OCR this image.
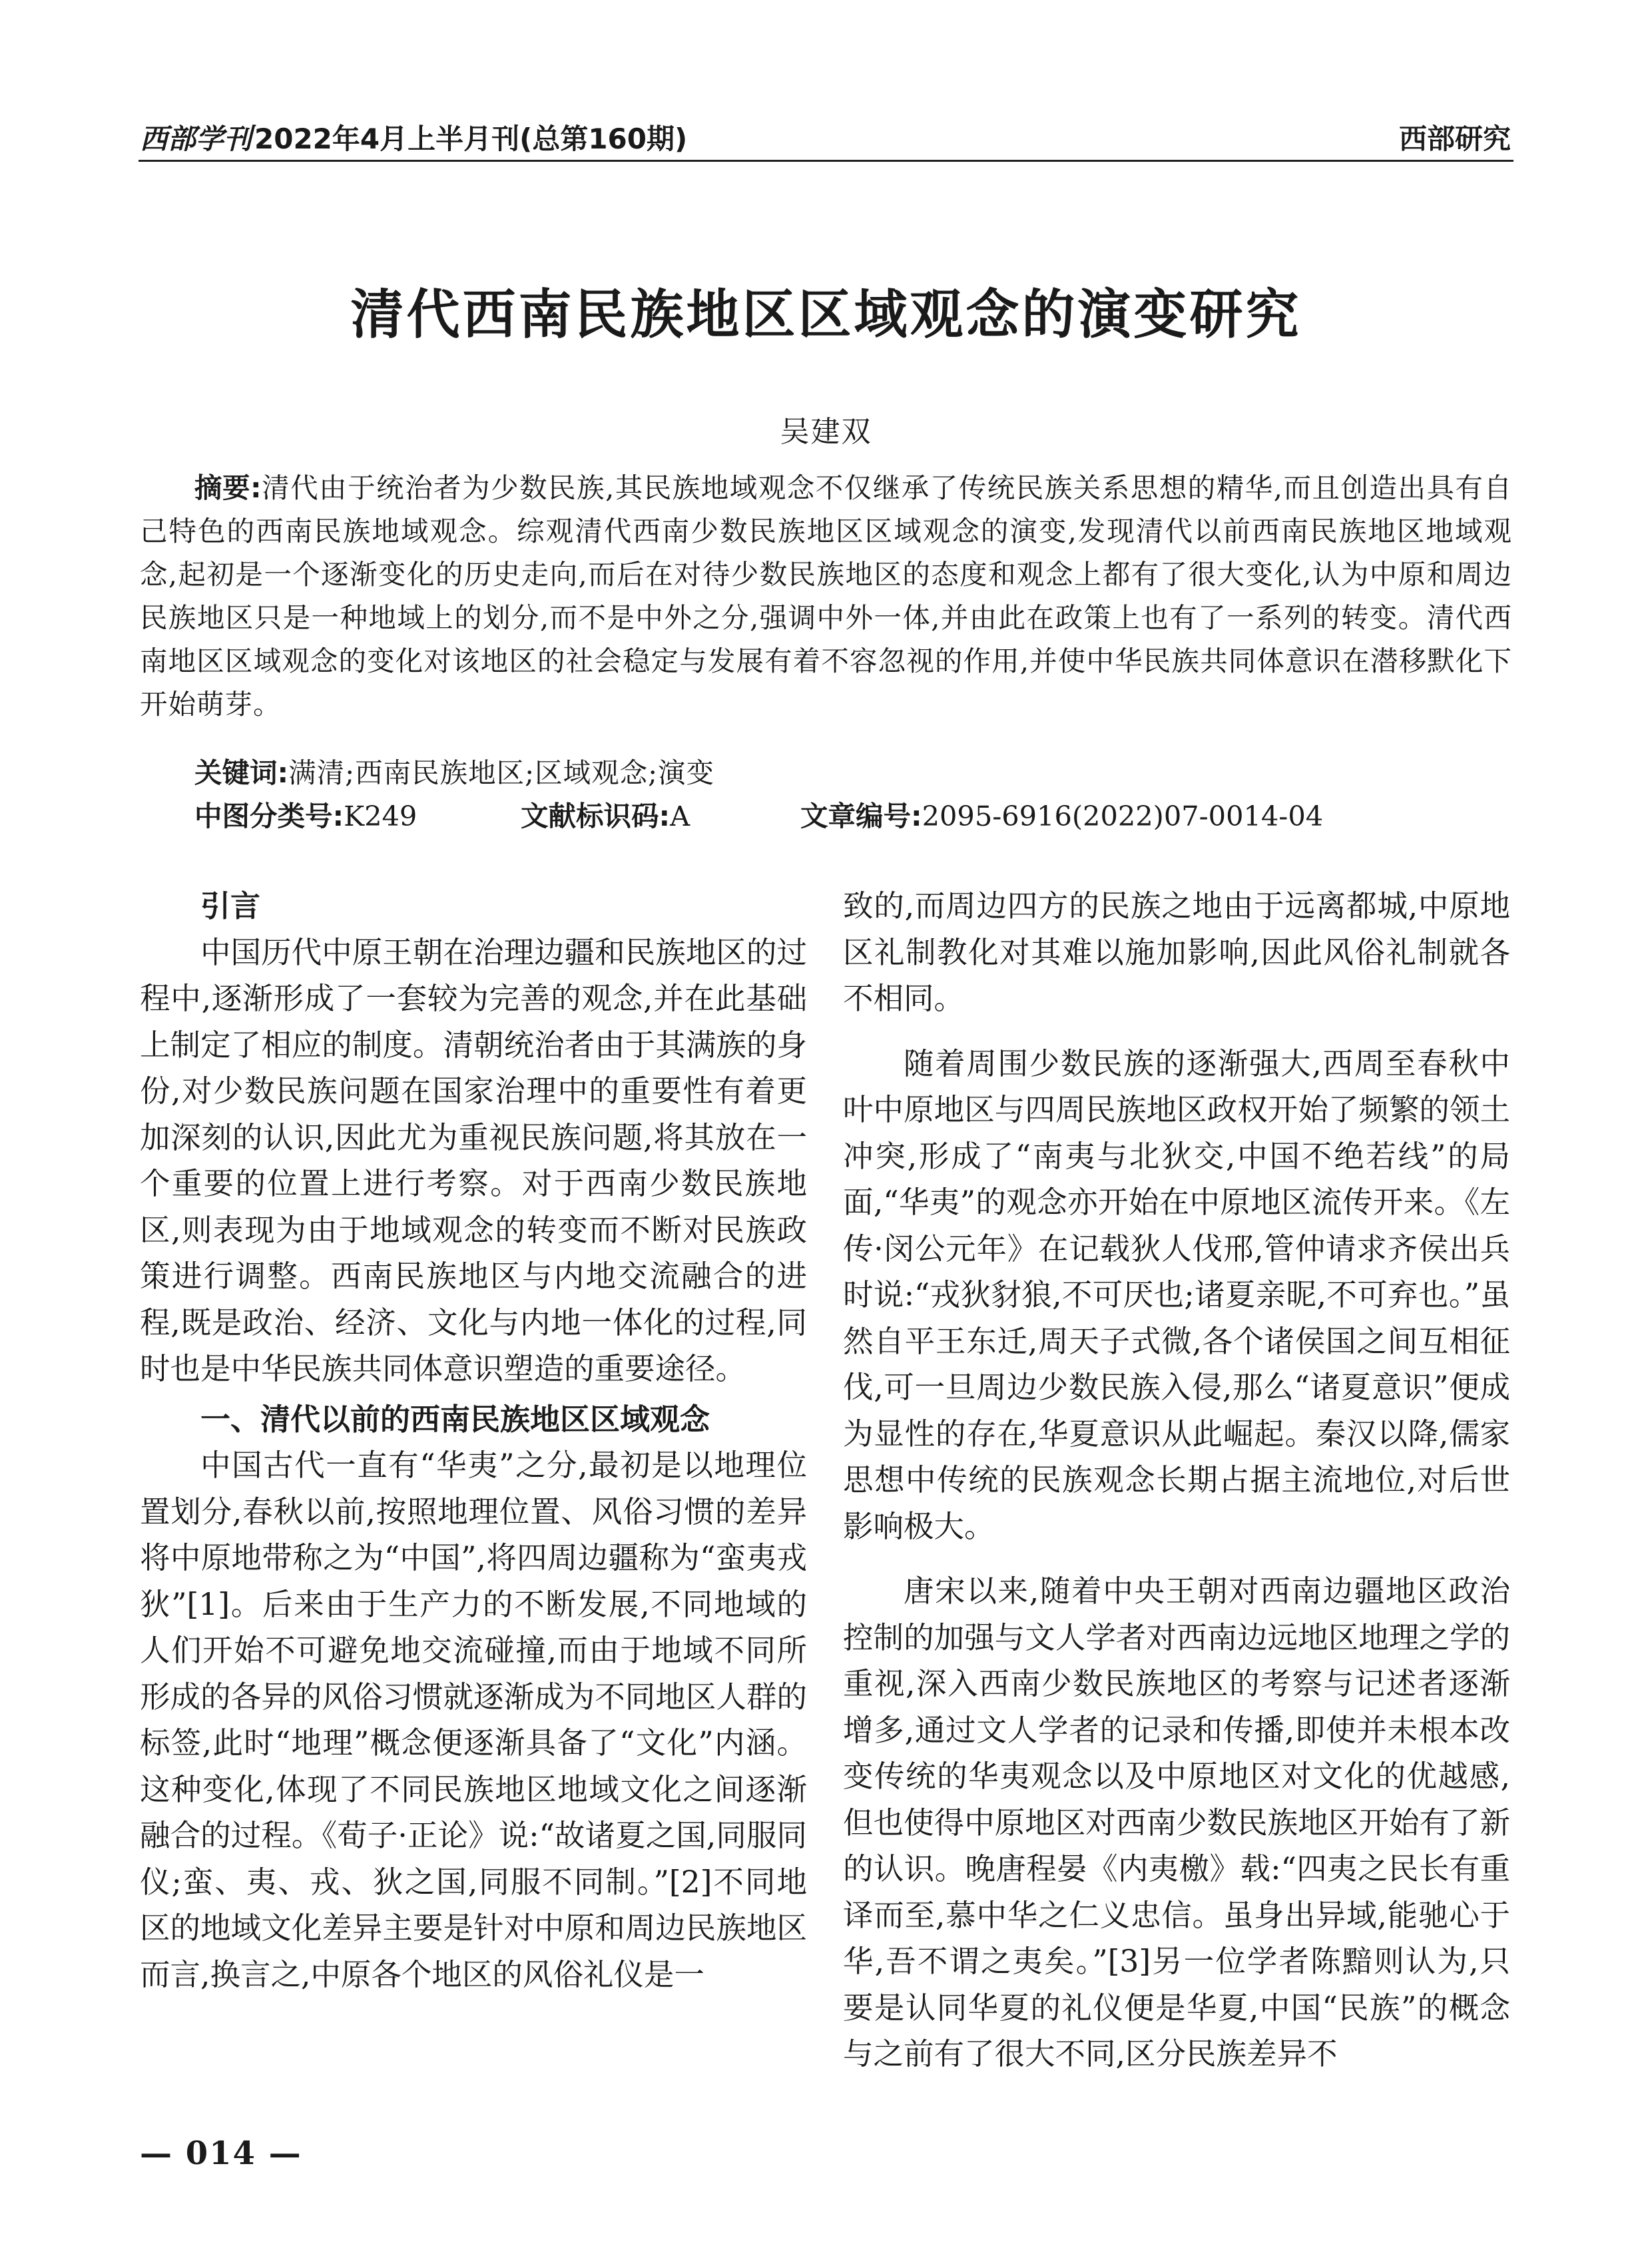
西部学刊2022年4月上半月刊(总第160期)	西部研究
清代西南民族地区区域观念的演变研究
吴建双
摘要:清代由于统治者为少数民族,其民族地域观念不仅继承了传统民族关系思想的精华,而且创造出具有自己特色的西南民族地域观念。综观清代西南少数民族地区区域观念的演变,发现清代以前西南民族地区地域观念,起初是一个逐渐变化的历史走向,而后在对待少数民族地区的态度和观念上都有了很大变化,认为中原和周边民族地区只是一种地域上的划分,而不是中外之分,强调中外一体,并由此在政策上也有了一系列的转变。清代西南地区区域观念的变化对该地区的社会稳定与发展有着不容忽视的作用,并使中华民族共同体意识在潜移默化下开始萌芽。
关键词:满清;西南民族地区;区域观念;演变
中图分类号:K249	文献标识码:A	文章编号:2095-6916(2022)07-0014-04
引言

中国历代中原王朝在治理边疆和民族地区的过程中,逐渐形成了一套较为完善的观念,并在此基础上制定了相应的制度。清朝统治者由于其满族的身份,对少数民族问题在国家治理中的重要性有着更加深刻的认识,因此尤为重视民族问题,将其放在一个重要的位置上进行考察。对于西南少数民族地区,则表现为由于地域观念的转变而不断对民族政策进行调整。西南民族地区与内地交流融合的进程,既是政治、经济、文化与内地一体化的过程,同时也是中华民族共同体意识塑造的重要途径。

一、清代以前的西南民族地区区域观念

中国古代一直有“华夷”之分,最初是以地理位置划分,春秋以前,按照地理位置、风俗习惯的差异将中原地带称之为“中国”,将四周边疆称为“蛮夷戎狄”[1]。后来由于生产力的不断发展,不同地域的人们开始不可避免地交流碰撞,而由于地域不同所形成的各异的风俗习惯就逐渐成为不同地区人群的标签,此时“地理”概念便逐渐具备了“文化”内涵。这种变化,体现了不同民族地区地域文化之间逐渐融合的过程。《荀子·正论》说:“故诸夏之国,同服同仪;蛮、夷、戎、狄之国,同服不同制。”[2]不同地区的地域文化差异主要是针对中原和周边民族地区而言,换言之,中原各个地区的风俗礼仪是一

致的,而周边四方的民族之地由于远离都城,中原地区礼制教化对其难以施加影响,因此风俗礼制就各不相同。

随着周围少数民族的逐渐强大,西周至春秋中叶中原地区与四周民族地区政权开始了频繁的领土冲突,形成了“南夷与北狄交,中国不绝若线”的局面,“华夷”的观念亦开始在中原地区流传开来。《左传·闵公元年》在记载狄人伐邢,管仲请求齐侯出兵时说:“戎狄豺狼,不可厌也;诸夏亲昵,不可弃也。”虽然自平王东迁,周天子式微,各个诸侯国之间互相征伐,可一旦周边少数民族入侵,那么“诸夏意识”便成为显性的存在,华夏意识从此崛起。秦汉以降,儒家思想中传统的民族观念长期占据主流地位,对后世影响极大。

唐宋以来,随着中央王朝对西南边疆地区政治控制的加强与文人学者对西南边远地区地理之学的重视,深入西南少数民族地区的考察与记述者逐渐增多,通过文人学者的记录和传播,即使并未根本改变传统的华夷观念以及中原地区对文化的优越感,但也使得中原地区对西南少数民族地区开始有了新的认识。晚唐程晏《内夷檄》载:“四夷之民长有重译而至,慕中华之仁义忠信。虽身出异域,能驰心于华,吾不谓之夷矣。”[3]另一位学者陈黯则认为,只要是认同华夏的礼仪便是华夏,中国“民族”的概念与之前有了很大不同,区分民族差异不

— 014 —
